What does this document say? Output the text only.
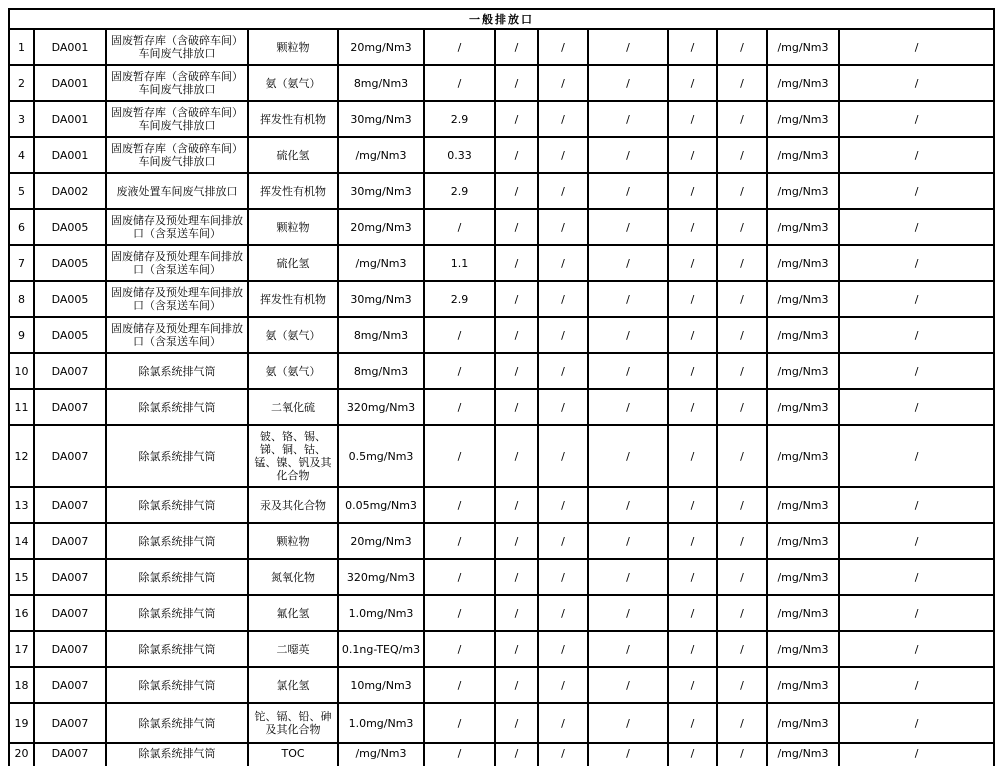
一般排放口												
1	DA001	固废暂存库（含破碎车间）车间废气排放口	颗粒物	20mg/Nm3	/	/	/	/	/	/	/mg/Nm3	/
2	DA001	固废暂存库（含破碎车间）车间废气排放口	氨（氨气）	8mg/Nm3	/	/	/	/	/	/	/mg/Nm3	/
3	DA001	固废暂存库（含破碎车间）车间废气排放口	挥发性有机物	30mg/Nm3	2.9	/	/	/	/	/	/mg/Nm3	/
4	DA001	固废暂存库（含破碎车间）车间废气排放口	硫化氢	/mg/Nm3	0.33	/	/	/	/	/	/mg/Nm3	/
5	DA002	废液处置车间废气排放口	挥发性有机物	30mg/Nm3	2.9	/	/	/	/	/	/mg/Nm3	/
6	DA005	固废储存及预处理车间排放口（含泵送车间）	颗粒物	20mg/Nm3	/	/	/	/	/	/	/mg/Nm3	/
7	DA005	固废储存及预处理车间排放口（含泵送车间）	硫化氢	/mg/Nm3	1.1	/	/	/	/	/	/mg/Nm3	/
8	DA005	固废储存及预处理车间排放口（含泵送车间）	挥发性有机物	30mg/Nm3	2.9	/	/	/	/	/	/mg/Nm3	/
9	DA005	固废储存及预处理车间排放口（含泵送车间）	氨（氨气）	8mg/Nm3	/	/	/	/	/	/	/mg/Nm3	/
10	DA007	除氯系统排气筒	氨（氨气）	8mg/Nm3	/	/	/	/	/	/	/mg/Nm3	/
11	DA007	除氯系统排气筒	二氧化硫	320mg/Nm3	/	/	/	/	/	/	/mg/Nm3	/
12	DA007	除氯系统排气筒	铍、铬、锡、锑、铜、钴、锰、镍、钒及其化合物	0.5mg/Nm3	/	/	/	/	/	/	/mg/Nm3	/
13	DA007	除氯系统排气筒	汞及其化合物	0.05mg/Nm3	/	/	/	/	/	/	/mg/Nm3	/
14	DA007	除氯系统排气筒	颗粒物	20mg/Nm3	/	/	/	/	/	/	/mg/Nm3	/
15	DA007	除氯系统排气筒	氮氧化物	320mg/Nm3	/	/	/	/	/	/	/mg/Nm3	/
16	DA007	除氯系统排气筒	氟化氢	1.0mg/Nm3	/	/	/	/	/	/	/mg/Nm3	/
17	DA007	除氯系统排气筒	二噁英	0.1ng-TEQ/m3	/	/	/	/	/	/	/mg/Nm3	/
18	DA007	除氯系统排气筒	氯化氢	10mg/Nm3	/	/	/	/	/	/	/mg/Nm3	/
19	DA007	除氯系统排气筒	铊、镉、铅、砷及其化合物	1.0mg/Nm3	/	/	/	/	/	/	/mg/Nm3	/
20	DA007	除氯系统排气筒	TOC	/mg/Nm3	/	/	/	/	/	/	/mg/Nm3	/
